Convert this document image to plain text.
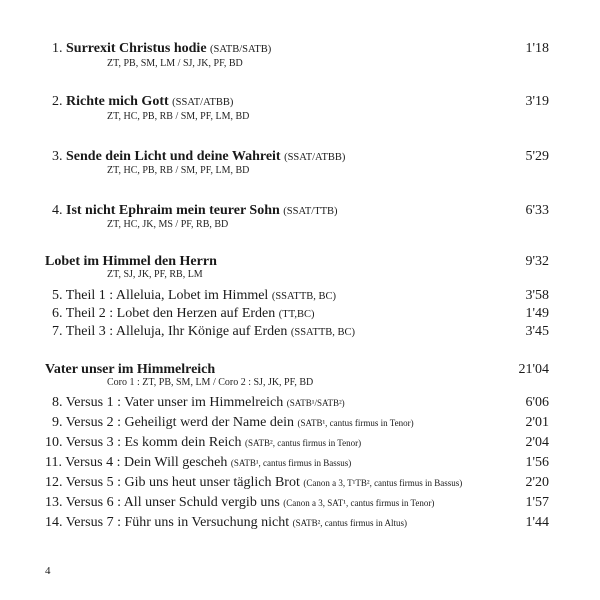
1. Surrexit Christus hodie (SATB/SATB)	1'18
ZT, PB, SM, LM / SJ, JK, PF, BD
2. Richte mich Gott (SSAT/ATBB)	3'19
ZT, HC, PB, RB / SM, PF, LM, BD
3. Sende dein Licht und deine Wahreit (SSAT/ATBB)	5'29
ZT, HC, PB, RB / SM, PF, LM, BD
4. Ist nicht Ephraim mein teurer Sohn (SSAT/TTB)	6'33
ZT, HC, JK, MS / PF, RB, BD
Lobet im Himmel den Herrn	9'32
ZT, SJ, JK, PF, RB, LM
5. Theil 1 : Alleluia, Lobet im Himmel (SSATTB, BC)	3'58
6. Theil 2 : Lobet den Herzen auf Erden (TT,BC)	1'49
7. Theil 3 : Alleluja, Ihr Könige auf Erden (SSATTB, BC)	3'45
Vater unser im Himmelreich	21'04
Coro 1 : ZT, PB, SM, LM / Coro 2 : SJ, JK, PF, BD
8. Versus 1 : Vater unser im Himmelreich (SATB¹/SATB²)	6'06
9. Versus 2 : Geheiligt werd der Name dein (SATB¹, cantus firmus in Tenor)	2'01
10. Versus 3 : Es komm dein Reich (SATB², cantus firmus in Tenor)	2'04
11. Versus 4 : Dein Will gescheh (SATB¹, cantus firmus in Bassus)	1'56
12. Versus 5 : Gib uns heut unser täglich Brot (Canon a 3, T¹TB², cantus firmus in Bassus)	2'20
13. Versus 6 : All unser Schuld vergib uns (Canon a 3, SAT¹, cantus firmus in Tenor)	1'57
14. Versus 7 : Führ uns in Versuchung nicht (SATB², cantus firmus in Altus)	1'44
4
